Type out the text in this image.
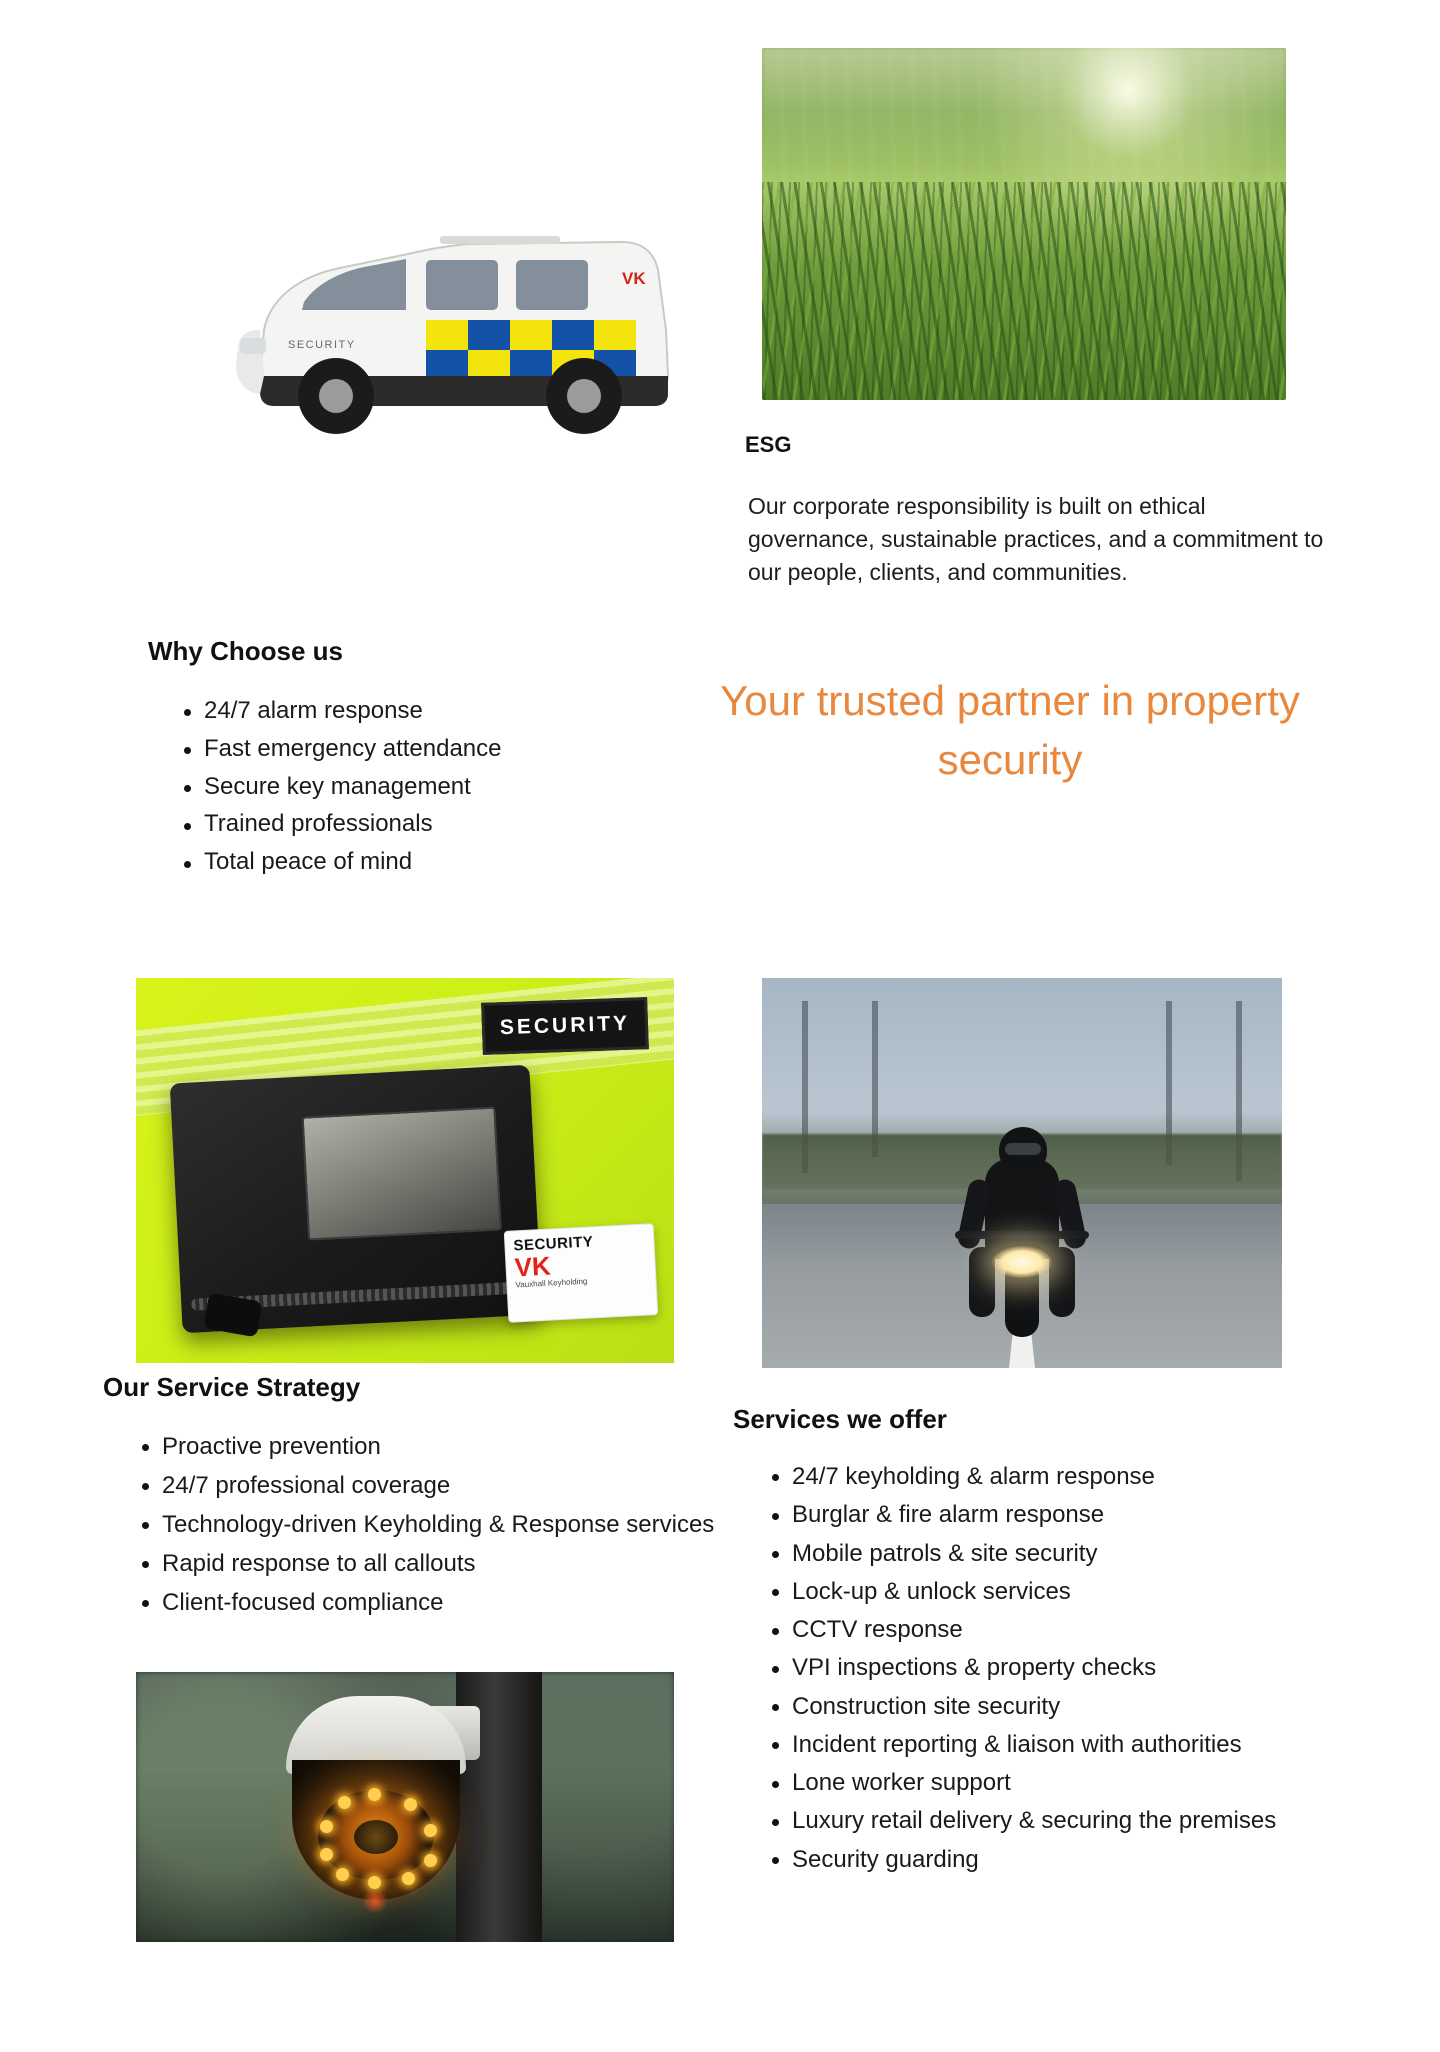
SECURITY
VK
ESG
Our corporate responsibility is built on ethical governance, sustainable practices, and a commitment to our people, clients, and communities.
Your trusted partner in property security
Why Choose us
24/7 alarm response
Fast emergency attendance
Secure key management
Trained professionals
Total peace of mind
SECURITY
SECURITY
VK
Vauxhall Keyholding
Our Service Strategy
Proactive prevention
24/7 professional coverage
Technology-driven Keyholding & Response services
Rapid response to all callouts
Client-focused compliance
Services we offer
24/7 keyholding & alarm response
Burglar & fire alarm response
Mobile patrols & site security
Lock-up & unlock services
CCTV response
VPI inspections & property checks
Construction site security
Incident reporting & liaison with authorities
Lone worker support
Luxury retail delivery & securing the premises
Security guarding
